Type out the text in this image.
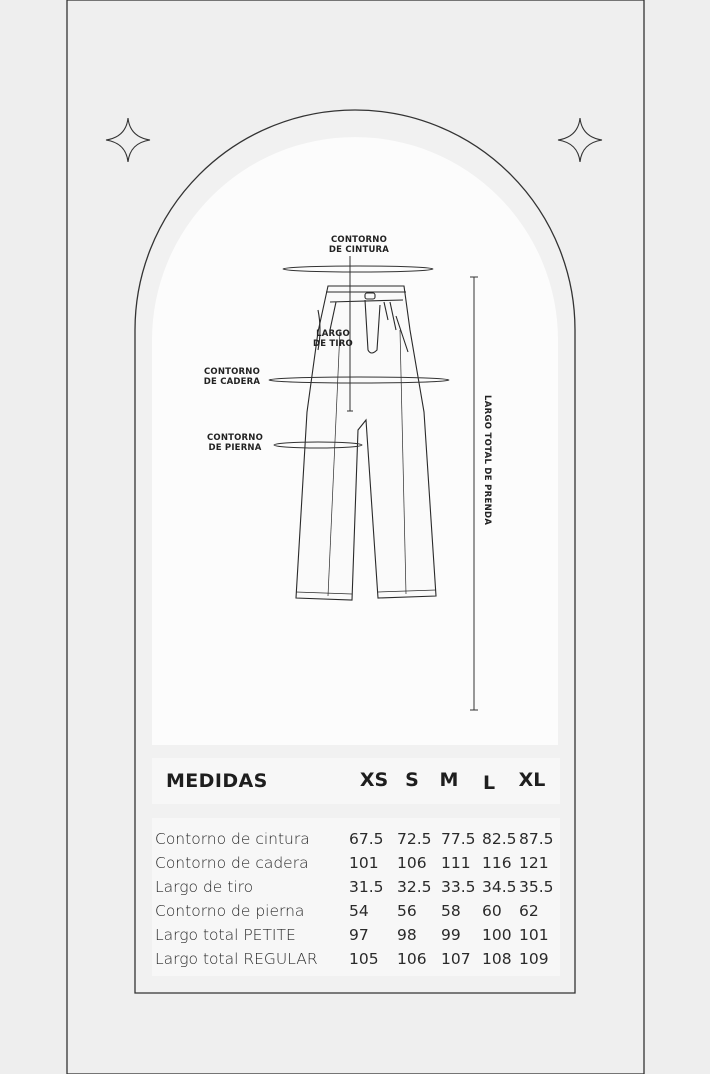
CONTORNO
DE CINTURA
LARGO
DE TIRO
CONTORNO
DE CADERA
CONTORNO
DE PIERNA	LARGO TOTAL DE PRENDA
MEDIDAS	XS S	M	L	XL
Contorno de cintura	67.5 72.5 77.5 82.5 87.5
Contorno de cadera	101	106 111 116 121
Largo de tiro	31.5 32.5 33.5 34.5 35.5
Contorno de pierna	54	56	58	60	62
Largo total PETITE	97	98	99	100 101
Largo total REGULAR 105	106 107 108 109
